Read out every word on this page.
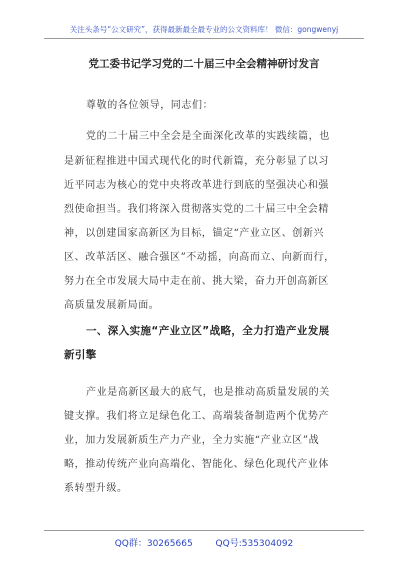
关注头条号“公文研究”，获得最新最全最专业的公文资料库！ 微信：gongwenyj
党工委书记学习党的二十届三中全会精神研讨发言
尊敬的各位领导，同志们：
党的二十届三中全会是全面深化改革的实践续篇，也
是新征程推进中国式现代化的时代新篇，充分彰显了以习
近平同志为核心的党中央将改革进行到底的坚强决心和强
烈使命担当。我们将深入贯彻落实党的二十届三中全会精
神，以创建国家高新区为目标，锚定“产业立区、创新兴
区、改革活区、融合强区”不动摇，向高而立、向新而行，
努力在全市发展大局中走在前、挑大梁，奋力开创高新区
高质量发展新局面。
一、深入实施“产业立区”战略，全力打造产业发展
新引擎
产业是高新区最大的底气，也是推动高质量发展的关
键支撑。我们将立足绿色化工、高端装备制造两个优势产
业，加力发展新质生产力产业，全力实施“产业立区”战
略，推动传统产业向高端化、智能化、绿色化现代产业体
系转型升级。
QQ群：30265665	QQ号:535304092
